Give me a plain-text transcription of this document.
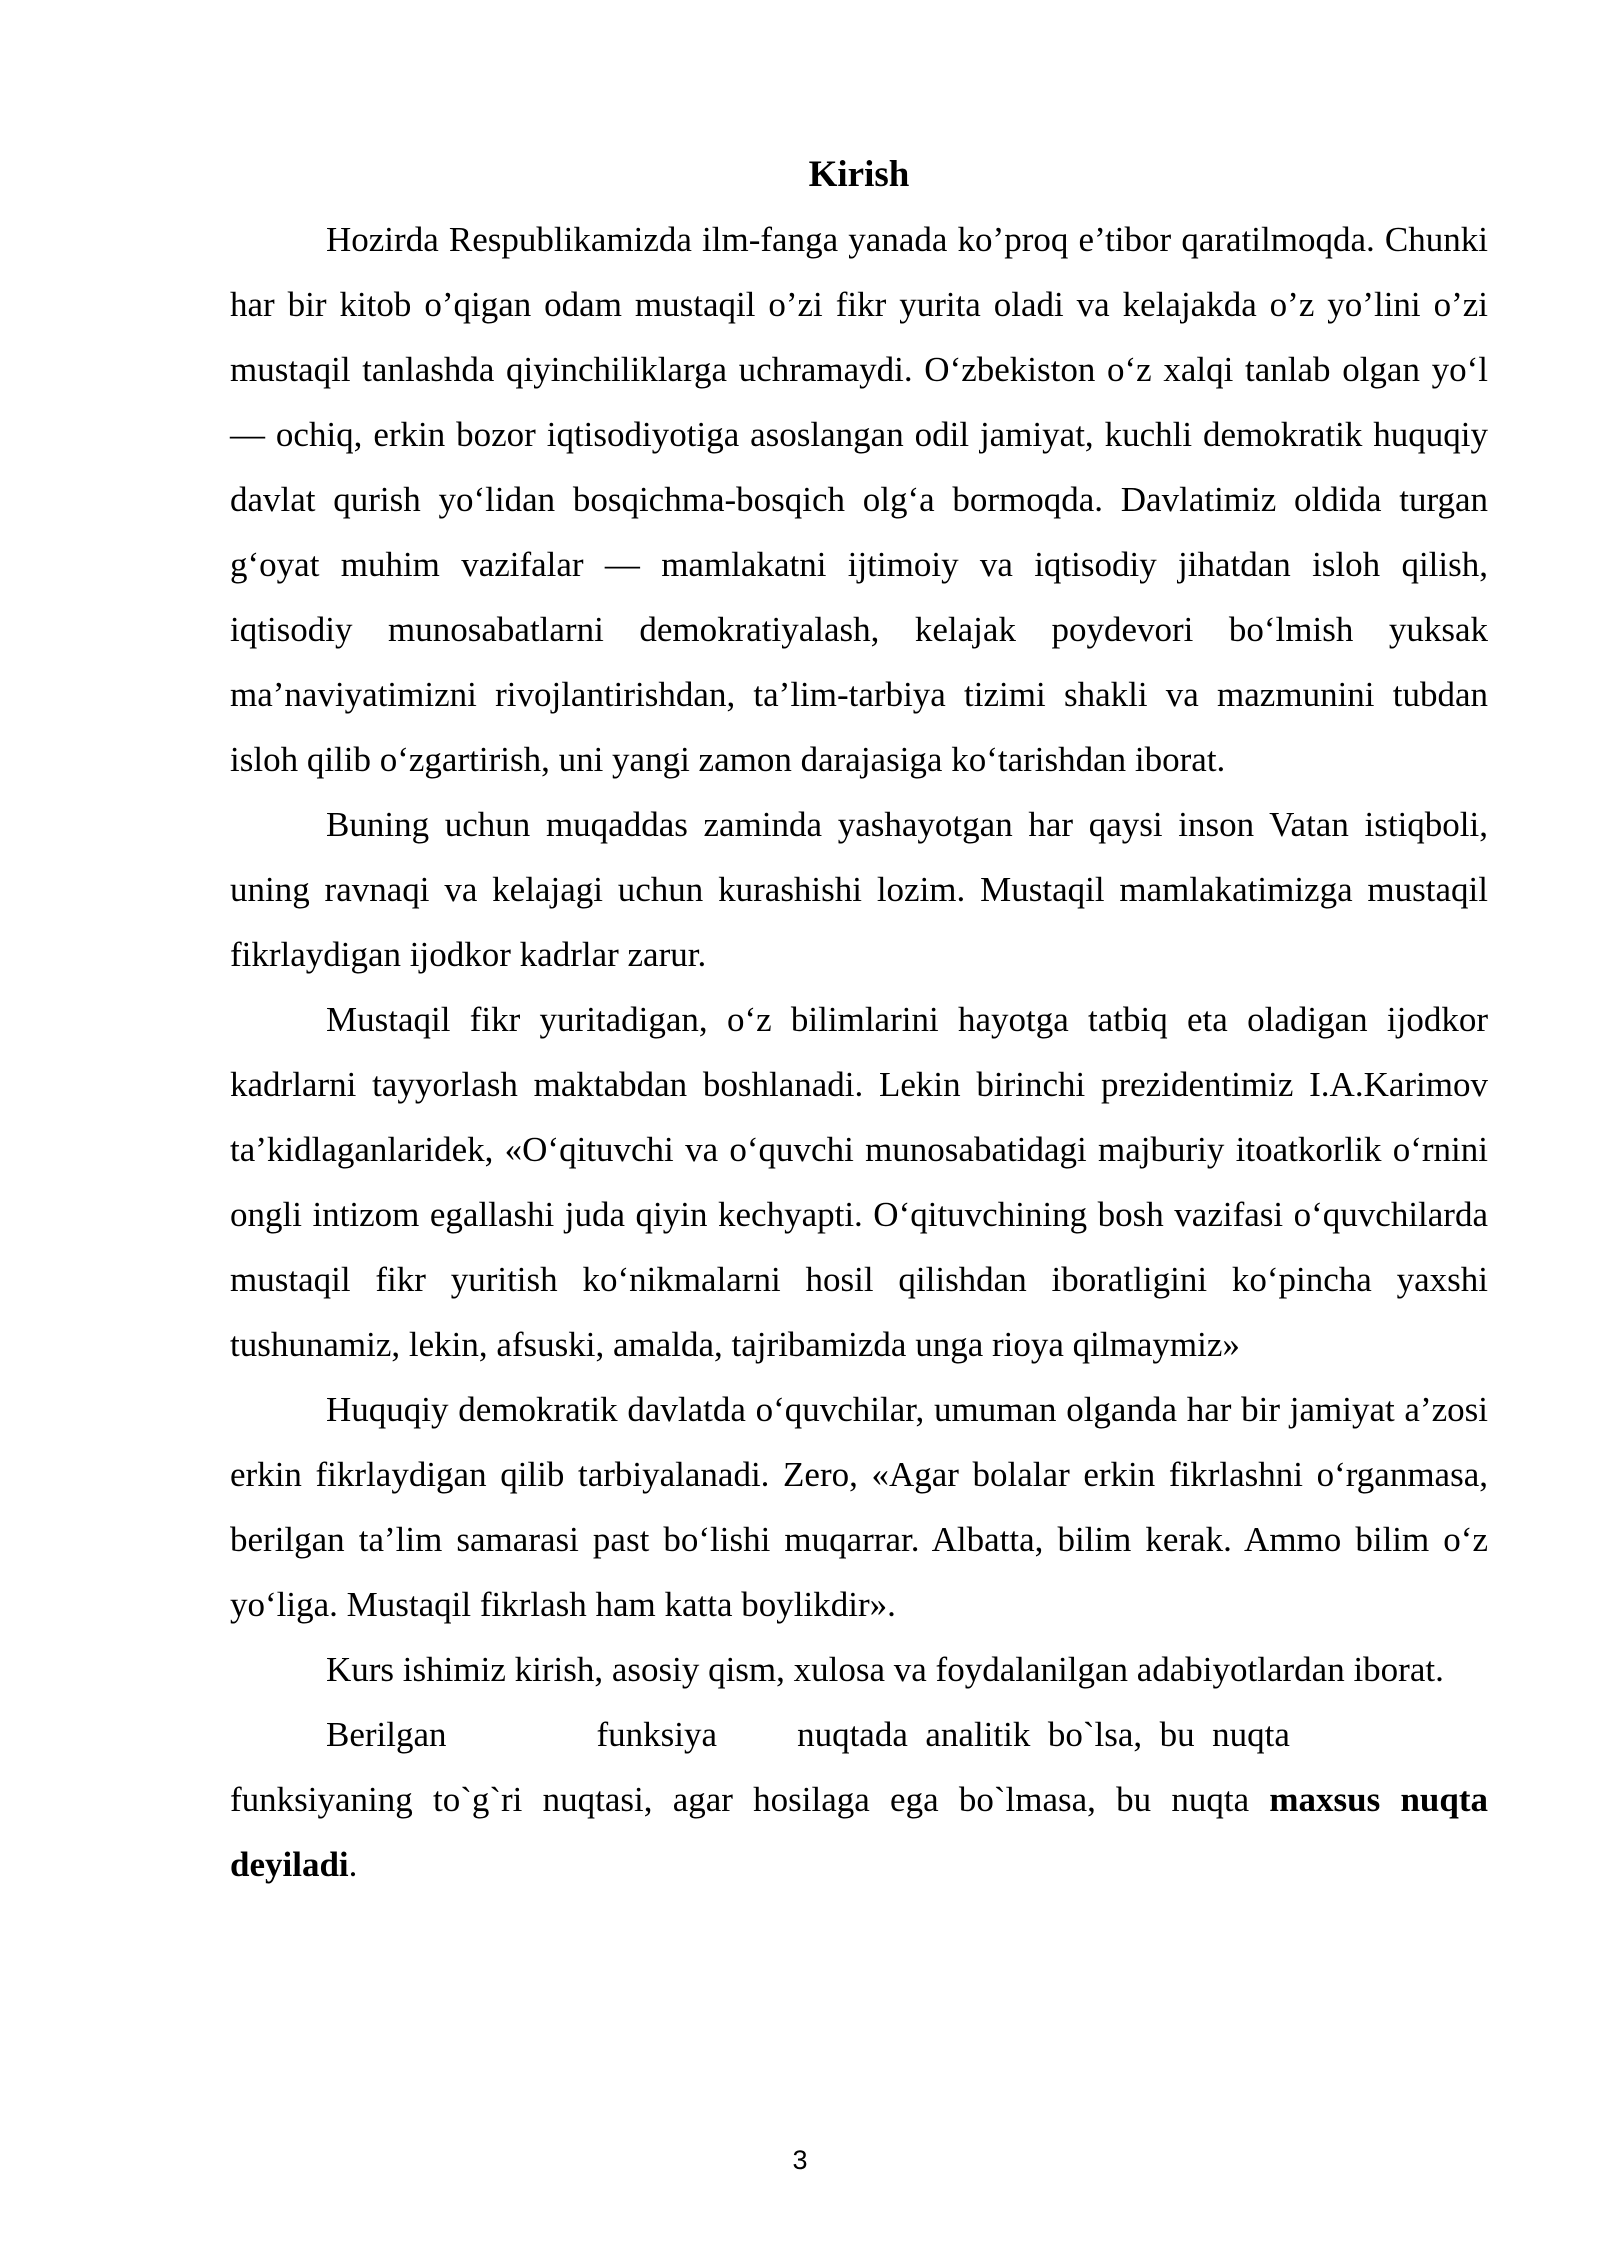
Kirish

Hozirda Respublikamizda ilm-fanga yanada ko’proq e’tibor qaratilmoqda. Chunki har bir kitob o’qigan odam mustaqil o’zi fikr yurita oladi va kelajakda o’z yo’lini o’zi mustaqil tanlashda qiyinchiliklarga uchramaydi. O‘zbekiston o‘z xalqi tanlab olgan yo‘l — ochiq, erkin bozor iqtisodiyotiga asoslangan odil jamiyat, kuchli demokratik huquqiy davlat qurish yo‘lidan bosqichma-bosqich olg‘a bormoqda. Davlatimiz oldida turgan g‘oyat muhim vazifalar — mamlakatni ijtimoiy va iqtisodiy jihatdan isloh qilish, iqtisodiy munosabatlarni demokratiyalash, kelajak poydevori bo‘lmish yuksak ma’naviyatimizni rivojlantirishdan, ta’lim-tarbiya tizimi shakli va mazmunini tubdan isloh qilib o‘zgartirish, uni yangi zamon darajasiga ko‘tarishdan iborat.

Buning uchun muqaddas zaminda yashayotgan har qaysi inson Vatan istiqboli, uning ravnaqi va kelajagi uchun kurashishi lozim. Mustaqil mamlakatimizga mustaqil fikrlaydigan ijodkor kadrlar zarur.

Mustaqil fikr yuritadigan, o‘z bilimlarini hayotga tatbiq eta oladigan ijodkor kadrlarni tayyorlash maktabdan boshlanadi. Lekin birinchi prezidentimiz I.A.Karimov ta’kidlaganlaridek, «O‘qituvchi va o‘quvchi munosabatidagi majburiy itoatkorlik o‘rnini ongli intizom egallashi juda qiyin kechyapti. O‘qituvchining bosh vazifasi o‘quvchilarda mustaqil fikr yuritish ko‘nikmalarni hosil qilishdan iboratligini ko‘pincha yaxshi tushunamiz, lekin, afsuski, amalda, tajribamizda unga rioya qilmaymiz»

Huquqiy demokratik davlatda o‘quvchilar, umuman olganda har bir jamiyat a’zosi erkin fikrlaydigan qilib tarbiyalanadi. Zero, «Agar bolalar erkin fikrlashni o‘rganmasa, berilgan ta’lim samarasi past bo‘lishi muqarrar. Albatta, bilim kerak. Ammo bilim o‘z yo‘liga. Mustaqil fikrlash ham katta boylikdir».

Kurs ishimiz kirish, asosiy qism, xulosa va foydalanilgan adabiyotlardan iborat.

Berilgan	funksiya nuqtada  analitik  bo`lsa,  bu  nuqta
funksiyaning to`g`ri nuqtasi, agar hosilaga ega bo`lmasa, bu nuqta maxsus nuqta deyiladi.
3
